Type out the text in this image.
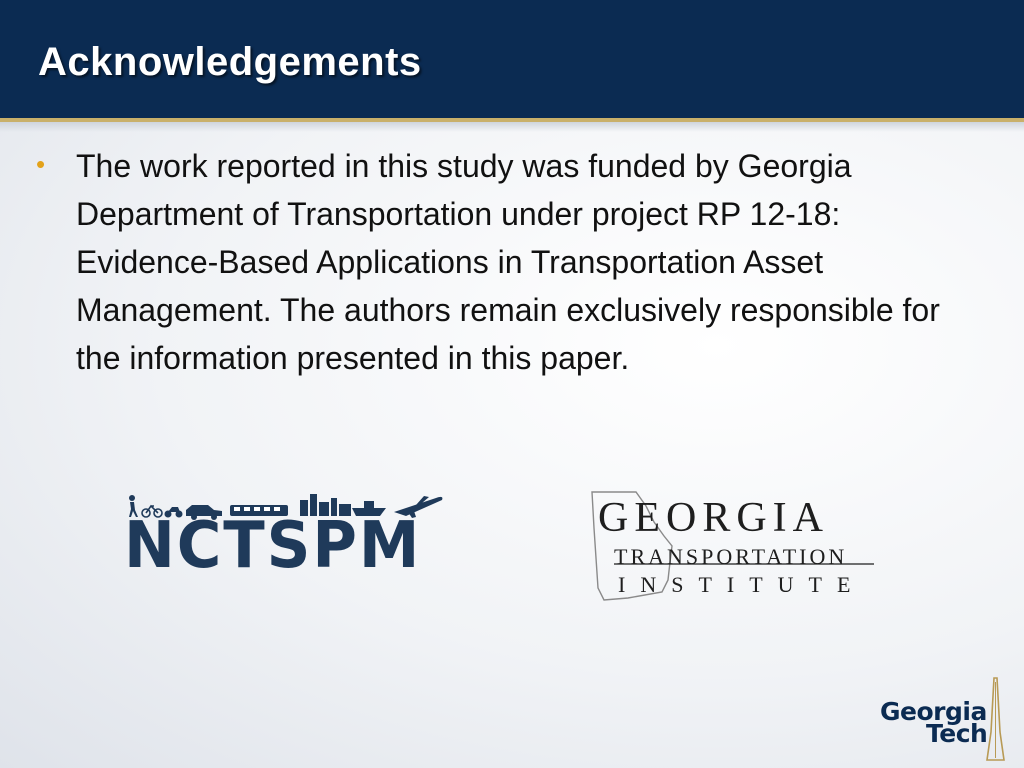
Acknowledgements
• The work reported in this study was funded by Georgia Department of Transportation under project RP 12-18: Evidence-Based Applications in Transportation Asset Management. The authors remain exclusively responsible for the information presented in this paper.

NCTSPM	GEORGIA
TRANSPORTATION
INSTITUTE
Georgia
Tech
